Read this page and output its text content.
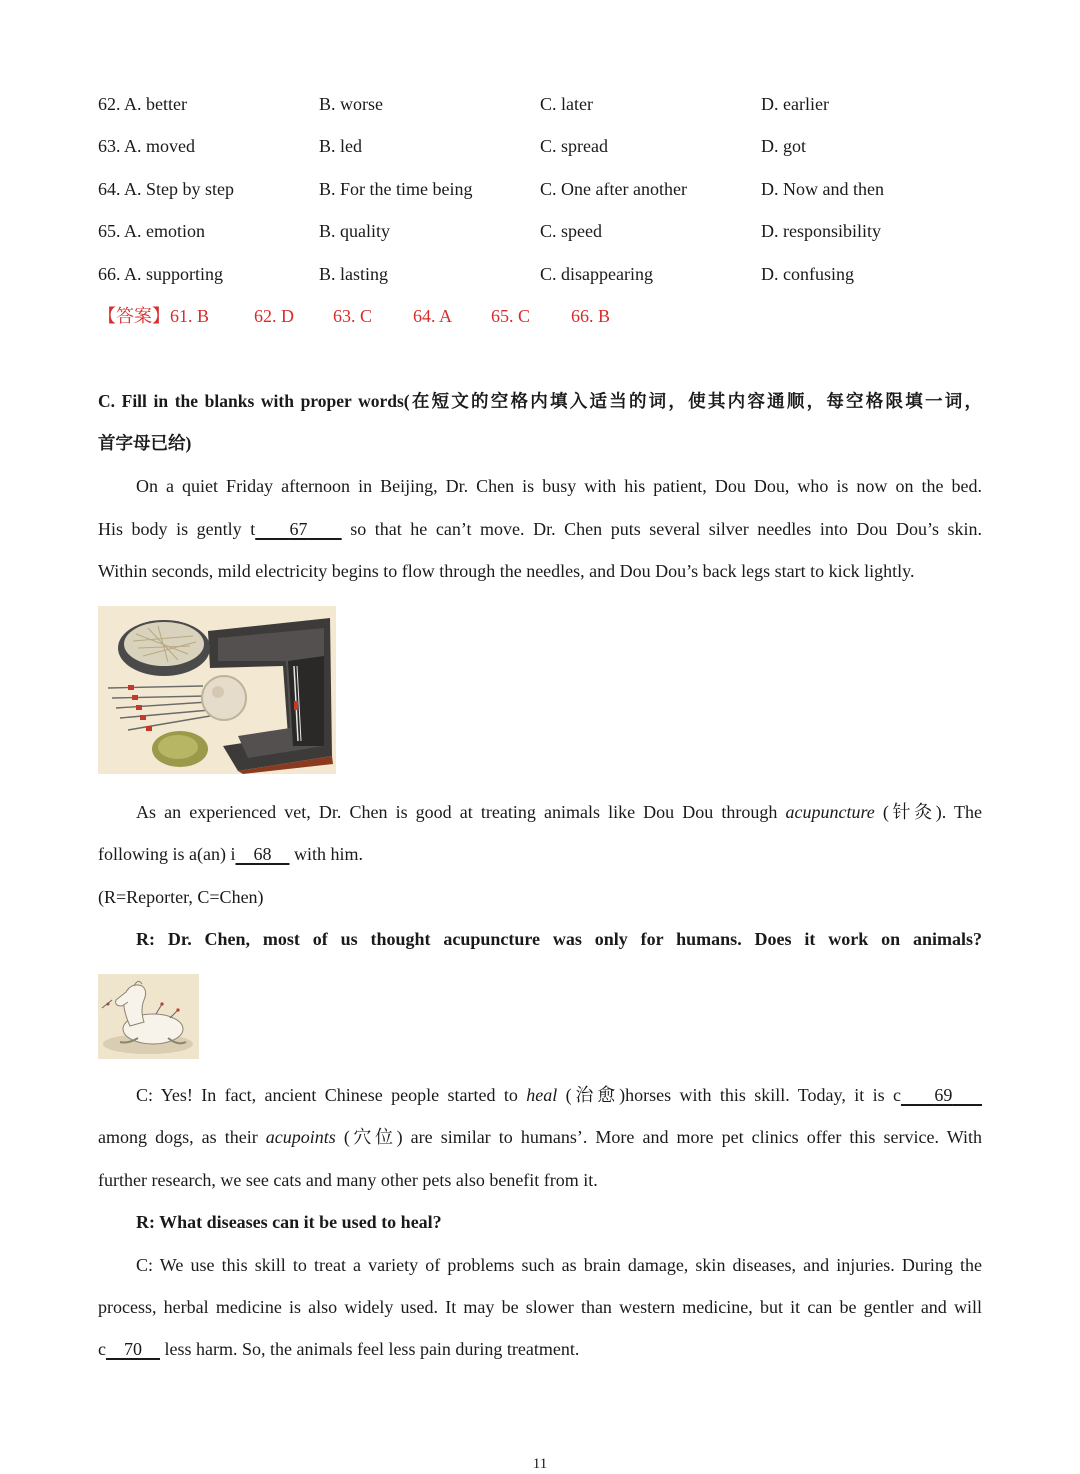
62. A. better	B. worse	C. later	D. earlier
63. A. moved	B. led	C. spread	D. got
64. A. Step by step	B. For the time being	C. One after another	D. Now and then
65. A. emotion	B. quality	C. speed	D. responsibility
66. A. supporting	B. lasting	C. disappearing	D. confusing
【答案】61. B 62. D 63. C 64. A 65. C 66. B
C. Fill in the blanks with proper words(在短文的空格内填入适当的词，使其内容通顺，每空格限填一词，
首字母已给)
On a quiet Friday afternoon in Beijing, Dr. Chen is busy with his patient, Dou Dou, who is now on the bed.
His body is gently t 67     so that he can’t move. Dr. Chen puts several silver needles into Dou Dou’s skin.
Within seconds, mild electricity begins to flow through the needles, and Dou Dou’s back legs start to kick lightly.
As an experienced vet, Dr. Chen is good at treating animals like Dou Dou through acupuncture (针灸). The
following is a(an) i 68     with him.
(R=Reporter, C=Chen)
R: Dr. Chen, most of us thought acupuncture was only for humans. Does it work on animals?
C: Yes! In fact, ancient Chinese people started to heal (治愈)horses with this skill. Today, it is c 69
among dogs, as their acupoints (穴位) are similar to humans’. More and more pet clinics offer this service. With
further research, we see cats and many other pets also benefit from it.
R: What diseases can it be used to heal?
C: We use this skill to treat a variety of problems such as brain damage, skin diseases, and injuries. During the
process, herbal medicine is also widely used. It may be slower than western medicine, but it can be gentler and will
c 70     less harm. So, the animals feel less pain during treatment.
11
